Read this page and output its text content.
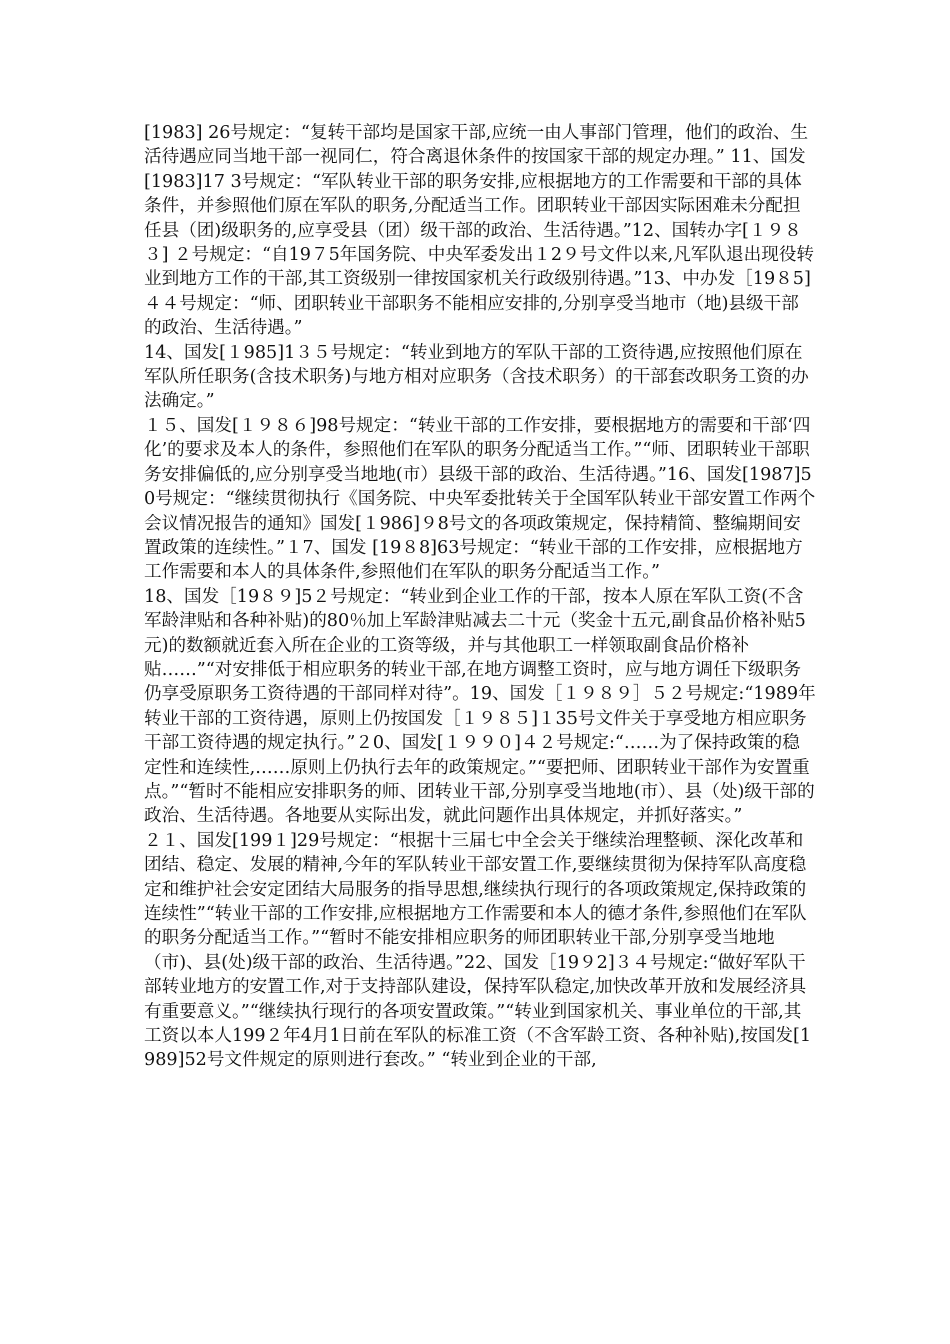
[1983] 26号规定：“复转干部均是国家干部,应统一由人事部门管理，他们的政治、生活待遇应同当地干部一视同仁，符合离退休条件的按国家干部的规定办理。” 11、国发[1983]17 3号规定：“军队转业干部的职务安排,应根据地方的工作需要和干部的具体条件，并参照他们原在军队的职务,分配适当工作。团职转业干部因实际困难未分配担任县（团)级职务的,应享受县（团）级干部的政治、生活待遇。”12、国转办字[１９８３] ２号规定：“自19７5年国务院、中央军委发出１2９号文件以来,凡军队退出现役转业到地方工作的干部,其工资级别一律按国家机关行政级别待遇。”13、中办发［19８5]４４号规定：“师、团职转业干部职务不能相应安排的,分别享受当地市（地)县级干部的政治、生活待遇。”

14、国发[１985]1３５号规定：“转业到地方的军队干部的工资待遇,应按照他们原在军队所任职务(含技术职务)与地方相对应职务（含技术职务）的干部套改职务工资的办法确定。”

１５、国发[１９８６]98号规定：“转业干部的工作安排，要根据地方的需要和干部‘四化’的要求及本人的条件，参照他们在军队的职务分配适当工作。”“师、团职转业干部职务安排偏低的,应分别享受当地地(市）县级干部的政治、生活待遇。”16、国发[1987]50号规定：“继续贯彻执行《国务院、中央军委批转关于全国军队转业干部安置工作两个会议情况报告的通知》国发[１986]９8号文的各项政策规定，保持精简、整编期间安置政策的连续性。”１7、国发 [19８8]63号规定：“转业干部的工作安排，应根据地方工作需要和本人的具体条件,参照他们在军队的职务分配适当工作。”

18、国发［19８９]5２号规定：“转业到企业工作的干部，按本人原在军队工资(不含军龄津贴和各种补贴)的80％加上军龄津贴减去二十元（奖金十五元,副食品价格补贴5元)的数额就近套入所在企业的工资等级，并与其他职工一样领取副食品价格补贴……”“对安排低于相应职务的转业干部,在地方调整工资时，应与地方调任下级职务仍享受原职务工资待遇的干部同样对待”。19、国发［１９８９］５２号规定:“1989年转业干部的工资待遇，原则上仍按国发［１９８５]１35号文件关于享受地方相应职务干部工资待遇的规定执行。”２0、国发[１９９０]４２号规定:“……为了保持政策的稳定性和连续性,……原则上仍执行去年的政策规定。”“要把师、团职转业干部作为安置重点。”“暂时不能相应安排职务的师、团转业干部,分别享受当地地(市）、县（处)级干部的政治、生活待遇。各地要从实际出发，就此问题作出具体规定，并抓好落实。”

２１、国发[199１]29号规定：“根据十三届七中全会关于继续治理整顿、深化改革和团结、稳定、发展的精神,今年的军队转业干部安置工作,要继续贯彻为保持军队高度稳定和维护社会安定团结大局服务的指导思想,继续执行现行的各项政策规定,保持政策的连续性”“转业干部的工作安排,应根据地方工作需要和本人的德才条件,参照他们在军队的职务分配适当工作。”“暂时不能安排相应职务的师团职转业干部,分别享受当地地（市)、县(处)级干部的政治、生活待遇。”22、国发［19９2]３４号规定:“做好军队干部转业地方的安置工作,对于支持部队建设，保持军队稳定,加快改革开放和发展经济具有重要意义。”“继续执行现行的各项安置政策。”“转业到国家机关、事业单位的干部,其工资以本人199２年4月1日前在军队的标准工资（不含军龄工资、各种补贴),按国发[1989]52号文件规定的原则进行套改。” “转业到企业的干部,
